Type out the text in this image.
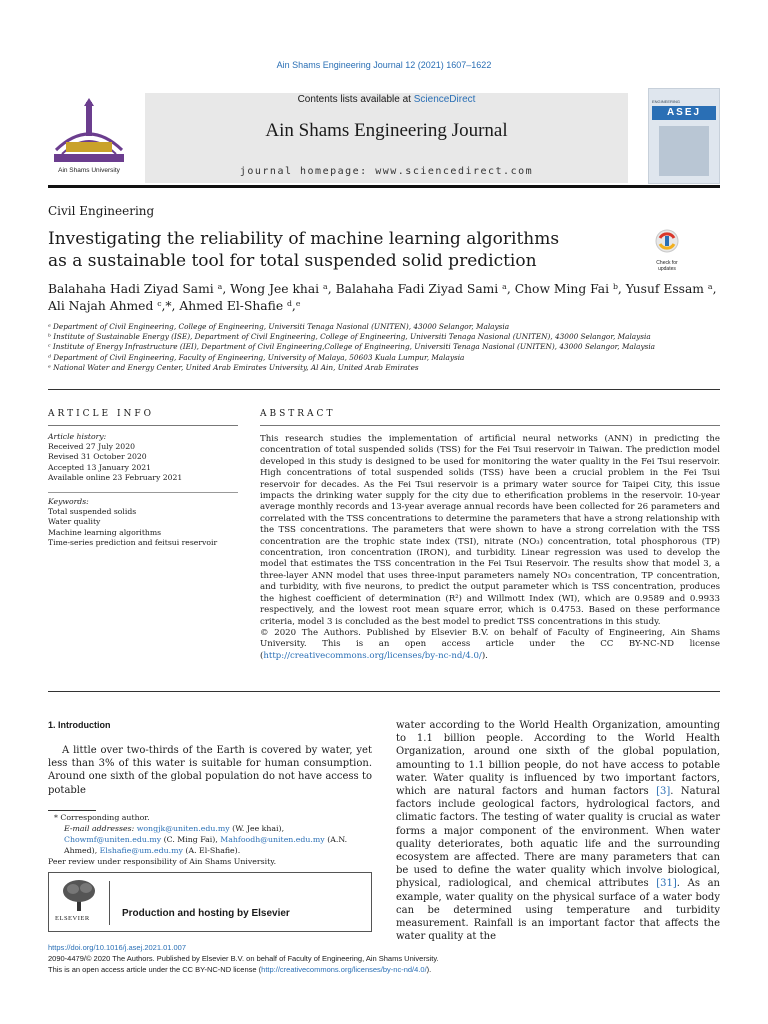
Ain Shams Engineering Journal 12 (2021) 1607–1622
Ain Shams University
Contents lists available at ScienceDirect
Ain Shams Engineering Journal
journal homepage: www.sciencedirect.com
ENGINEERING
ASEJ
Civil Engineering
Investigating the reliability of machine learning algorithms
as a sustainable tool for total suspended solid prediction	Check for updates
Balahaha Hadi Ziyad Sami ᵃ, Wong Jee khai ᵃ, Balahaha Fadi Ziyad Sami ᵃ, Chow Ming Fai ᵇ, Yusuf Essam ᵃ,
Ali Najah Ahmed ᶜ,*, Ahmed El-Shafie ᵈ,ᵉ
ᵃ Department of Civil Engineering, College of Engineering, Universiti Tenaga Nasional (UNITEN), 43000 Selangor, Malaysia
ᵇ Institute of Sustainable Energy (ISE), Department of Civil Engineering, College of Engineering, Universiti Tenaga Nasional (UNITEN), 43000 Selangor, Malaysia
ᶜ Institute of Energy Infrastructure (IEI), Department of Civil Engineering,College of Engineering, Universiti Tenaga Nasional (UNITEN), 43000 Selangor, Malaysia
ᵈ Department of Civil Engineering, Faculty of Engineering, University of Malaya, 50603 Kuala Lumpur, Malaysia
ᵉ National Water and Energy Center, United Arab Emirates University, Al Ain, United Arab Emirates
ARTICLE INFO	ABSTRACT
Article history:
Received 27 July 2020
Revised 31 October 2020
Accepted 13 January 2021
Available online 23 February 2021
Keywords:
Total suspended solids
Water quality
Machine learning algorithms
Time-series prediction and feitsui reservoir
This research studies the implementation of artificial neural networks (ANN) in predicting the concentration of total suspended solids (TSS) for the Fei Tsui reservoir in Taiwan. The prediction model developed in this study is designed to be used for monitoring the water quality in the Fei Tsui reservoir. High concentrations of total suspended solids (TSS) have been a crucial problem in the Fei Tsui reservoir for decades. As the Fei Tsui reservoir is a primary water source for Taipei City, this issue impacts the drinking water supply for the city due to etherification problems in the reservoir. 10-year average monthly records and 13-year average annual records have been collected for 26 parameters and correlated with the TSS concentrations to determine the parameters that have a strong relationship with the TSS concentrations. The parameters that were shown to have a strong correlation with the TSS concentration are the trophic state index (TSI), nitrate (NO₃) concentration, total phosphorous (TP) concentration, iron concentration (IRON), and turbidity. Linear regression was used to develop the model that estimates the TSS concentration in the Fei Tsui Reservoir. The results show that model 3, a three-layer ANN model that uses three-input parameters namely NO₃ concentration, TP concentration, and turbidity, with five neurons, to predict the output parameter which is TSS concentration, produces the highest coefficient of determination (R²) and Willmott Index (WI), which are 0.9589 and 0.9933 respectively, and the lowest root mean square error, which is 0.4753. Based on these performance criteria, model 3 is concluded as the best model to predict TSS concentrations in this study.
© 2020 The Authors. Published by Elsevier B.V. on behalf of Faculty of Engineering, Ain Shams University. This is an open access article under the CC BY-NC-ND license (http://creativecommons.org/licenses/by-nc-nd/4.0/).
1. Introduction

A little over two-thirds of the Earth is covered by water, yet less than 3% of this water is suitable for human consumption. Around one sixth of the global population do not have access to potable

water according to the World Health Organization, amounting to 1.1 billion people. According to the World Health Organization, around one sixth of the global population, amounting to 1.1 billion people, do not have access to potable water. Water quality is influenced by two important factors, which are natural factors and human factors [3]. Natural factors include geological factors, hydrological factors, and climatic factors. The testing of water quality is crucial as water forms a major component of the environment. When water quality deteriorates, both aquatic life and the surrounding ecosystem are affected. There are many parameters that can be used to define the water quality which involve biological, physical, radiological, and chemical attributes [31]. As an example, water quality on the physical surface of a water body can be determined using temperature and turbidity measurement. Rainfall is an important factor that affects the water quality at the
* Corresponding author.
E-mail addresses: wongjk@uniten.edu.my (W. Jee khai), Chowmf@uniten.edu.my (C. Ming Fai), Mahfoodh@uniten.edu.my (A.N. Ahmed), Elshafie@um.edu.my (A. El-Shafie).
Peer review under responsibility of Ain Shams University.
ELSEVIER	Production and hosting by Elsevier
https://doi.org/10.1016/j.asej.2021.01.007
2090-4479/© 2020 The Authors. Published by Elsevier B.V. on behalf of Faculty of Engineering, Ain Shams University.
This is an open access article under the CC BY-NC-ND license (http://creativecommons.org/licenses/by-nc-nd/4.0/).
